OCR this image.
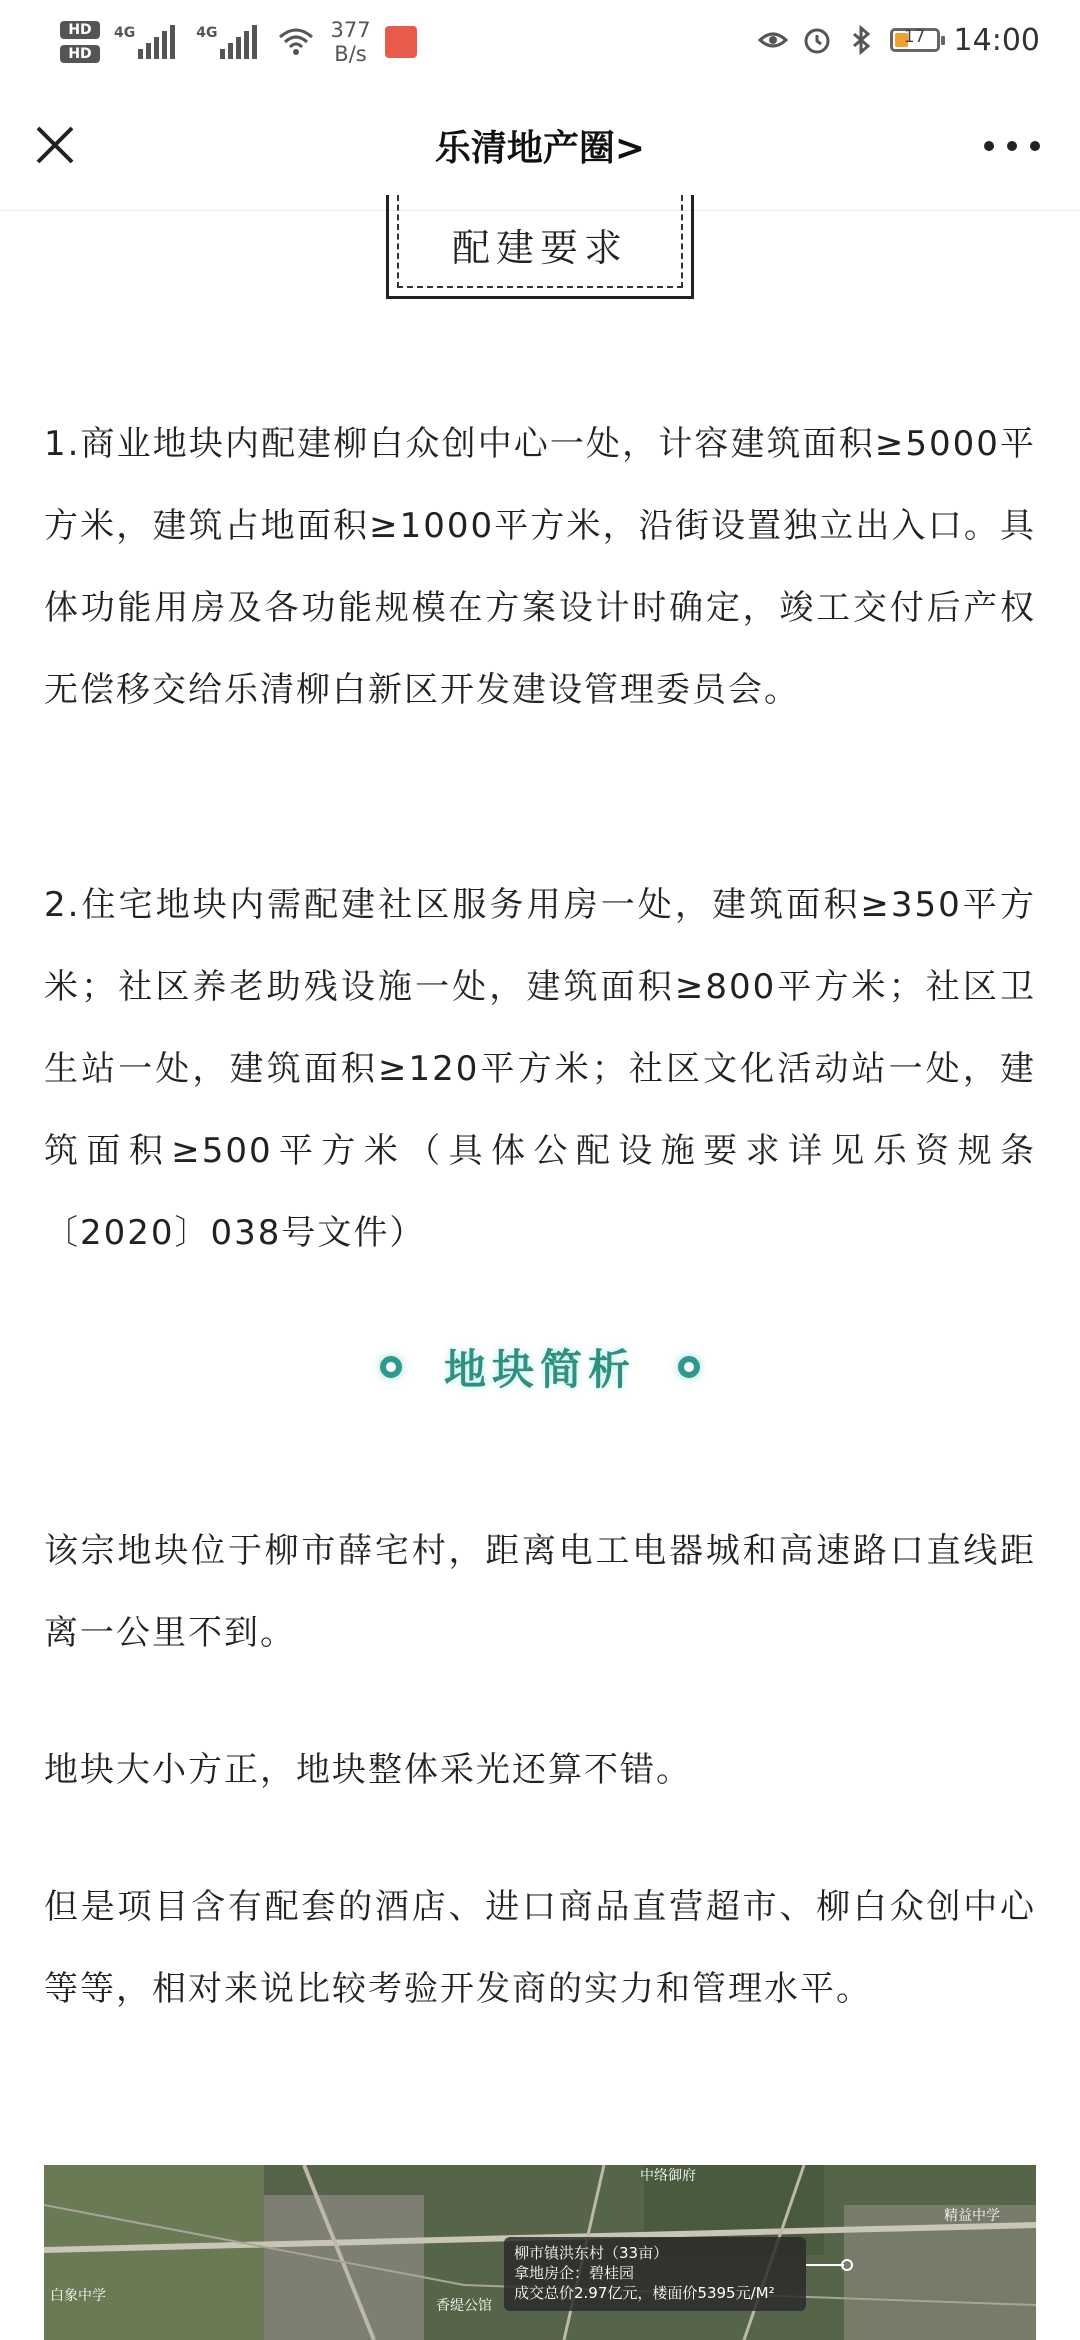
HD
HD
4G	4G	377
B/s
17 14:00
乐清地产圈>
配建要求

1.商业地块内配建柳白众创中心一处，计容建筑面积≥5000平方米，建筑占地面积≥1000平方米，沿街设置独立出入口。具体功能用房及各功能规模在方案设计时确定，竣工交付后产权无偿移交给乐清柳白新区开发建设管理委员会。

2.住宅地块内需配建社区服务用房一处，建筑面积≥350平方米；社区养老助残设施一处，建筑面积≥800平方米；社区卫生站一处，建筑面积≥120平方米；社区文化活动站一处，建筑面积≥500平方米（具体公配设施要求详见乐资规条〔2020〕038号文件）

地块简析

该宗地块位于柳市薛宅村，距离电工电器城和高速路口直线距离一公里不到。

地块大小方正，地块整体采光还算不错。

但是项目含有配套的酒店、进口商品直营超市、柳白众创中心等等，相对来说比较考验开发商的实力和管理水平。

中络御府
精益中学
白象中学
香缇公馆
柳市镇洪东村（33亩）
拿地房企：碧桂园
成交总价2.97亿元，楼面价5395元/M²
